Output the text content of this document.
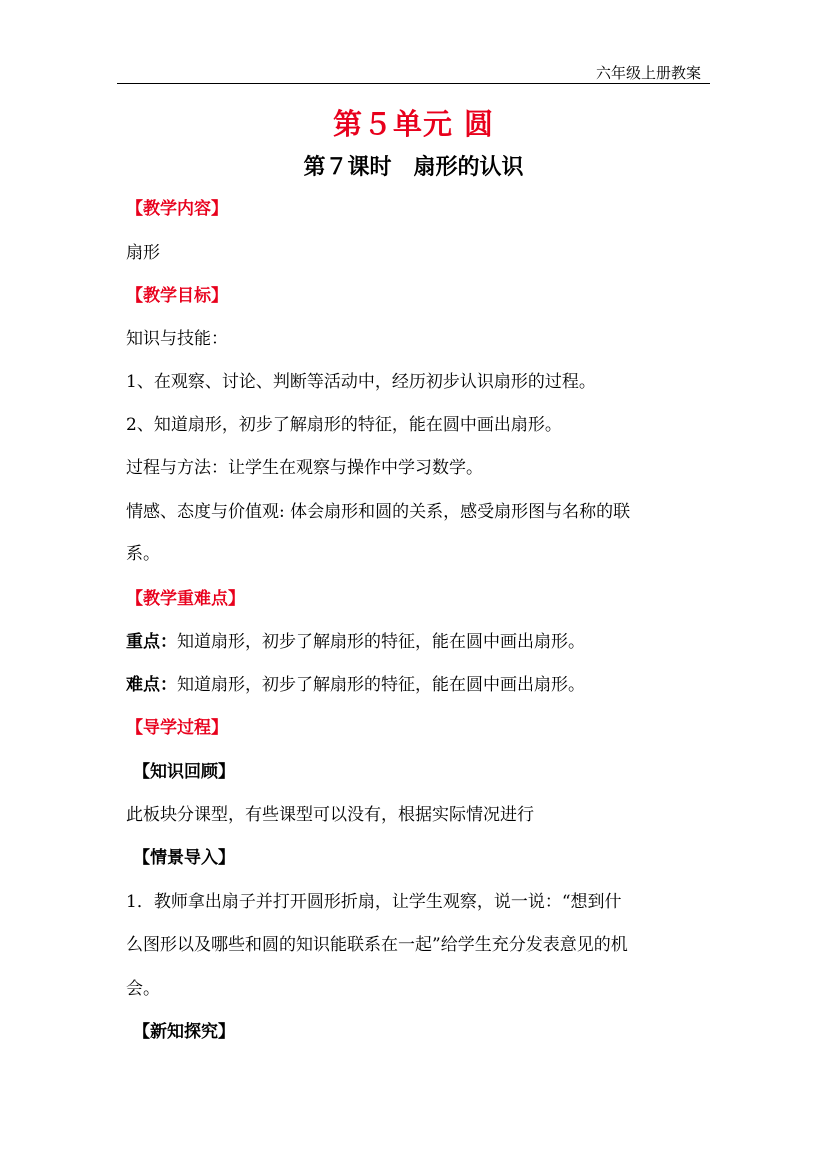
六年级上册教案
第５单元 圆
第７课时　扇形的认识
【教学内容】
扇形
【教学目标】
知识与技能：
1、在观察、讨论、判断等活动中，经历初步认识扇形的过程。
2、知道扇形，初步了解扇形的特征，能在圆中画出扇形。
过程与方法：让学生在观察与操作中学习数学。
情感、态度与价值观: 体会扇形和圆的关系，感受扇形图与名称的联
系。
【教学重难点】
重点：知道扇形，初步了解扇形的特征，能在圆中画出扇形。
难点：知道扇形，初步了解扇形的特征，能在圆中画出扇形。
【导学过程】
【知识回顾】
此板块分课型，有些课型可以没有，根据实际情况进行
【情景导入】
1．教师拿出扇子并打开圆形折扇，让学生观察，说一说：“想到什
么图形以及哪些和圆的知识能联系在一起”给学生充分发表意见的机
会。
【新知探究】
